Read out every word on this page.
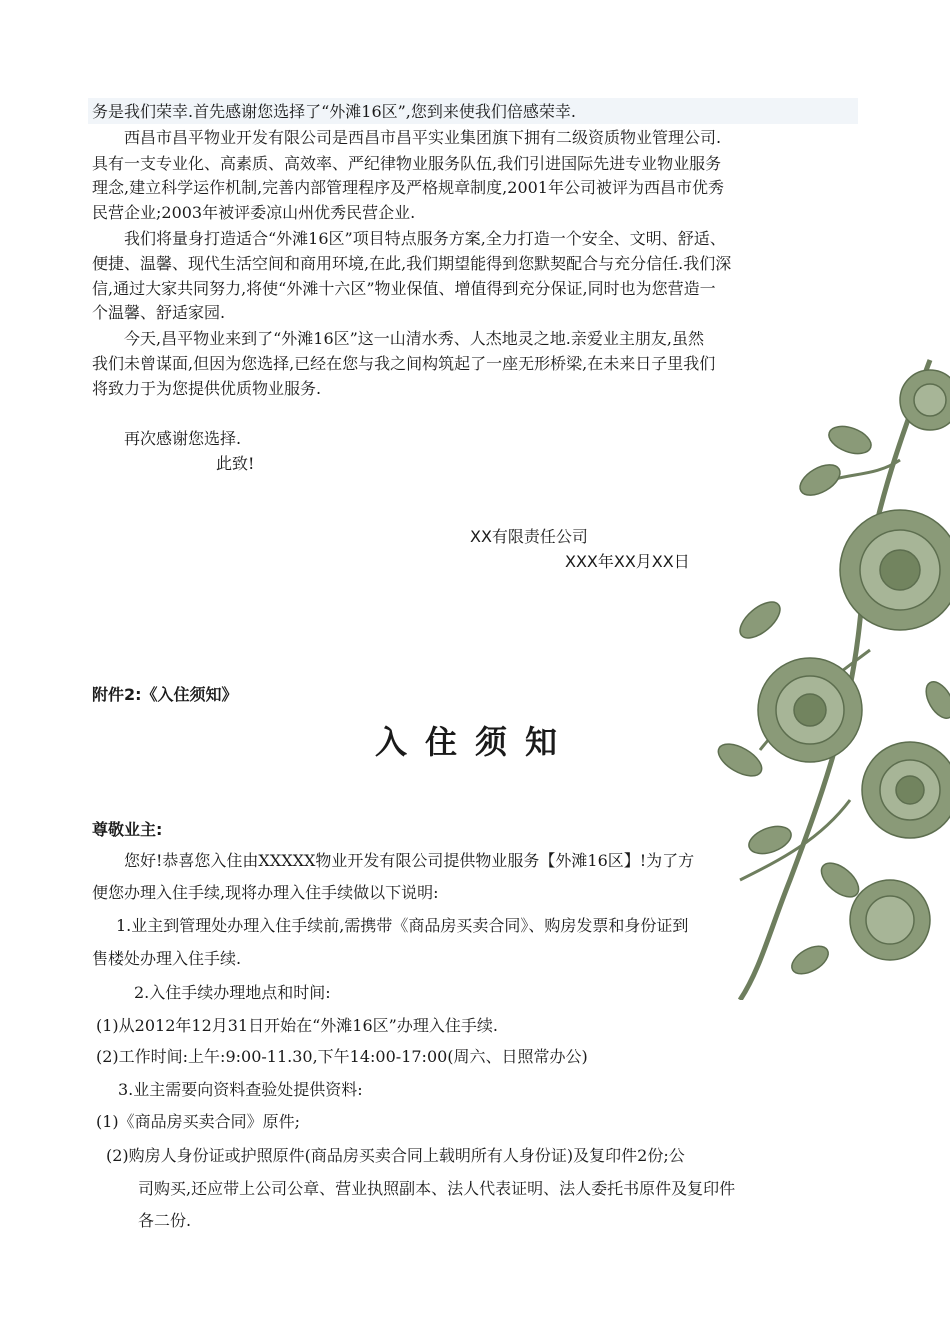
务是我们荣幸.首先感谢您选择了“外滩16区”,您到来使我们倍感荣幸.
西昌市昌平物业开发有限公司是西昌市昌平实业集团旗下拥有二级资质物业管理公司.
具有一支专业化、高素质、高效率、严纪律物业服务队伍,我们引进国际先进专业物业服务
理念,建立科学运作机制,完善内部管理程序及严格规章制度,2001年公司被评为西昌市优秀
民营企业;2003年被评委凉山州优秀民营企业.
我们将量身打造适合“外滩16区”项目特点服务方案,全力打造一个安全、文明、舒适、
便捷、温馨、现代生活空间和商用环境,在此,我们期望能得到您默契配合与充分信任.我们深
信,通过大家共同努力,将使“外滩十六区”物业保值、增值得到充分保证,同时也为您营造一
个温馨、舒适家园.
今天,昌平物业来到了“外滩16区”这一山清水秀、人杰地灵之地.亲爱业主朋友,虽然
我们未曾谋面,但因为您选择,已经在您与我之间构筑起了一座无形桥梁,在未来日子里我们
将致力于为您提供优质物业服务.
再次感谢您选择.
此致!
XX有限责任公司
XXX年XX月XX日
附件2:《入住须知》
入住须知
尊敬业主:
您好!恭喜您入住由XXXXX物业开发有限公司提供物业服务【外滩16区】!为了方
便您办理入住手续,现将办理入住手续做以下说明:
1.业主到管理处办理入住手续前,需携带《商品房买卖合同》、购房发票和身份证到
售楼处办理入住手续.
2.入住手续办理地点和时间:
(1)从2012年12月31日开始在“外滩16区”办理入住手续.
(2)工作时间:上午:9:00-11.30,下午14:00-17:00(周六、日照常办公)
3.业主需要向资料查验处提供资料:
(1)《商品房买卖合同》原件;
(2)购房人身份证或护照原件(商品房买卖合同上载明所有人身份证)及复印件2份;公
司购买,还应带上公司公章、营业执照副本、法人代表证明、法人委托书原件及复印件
各二份.
